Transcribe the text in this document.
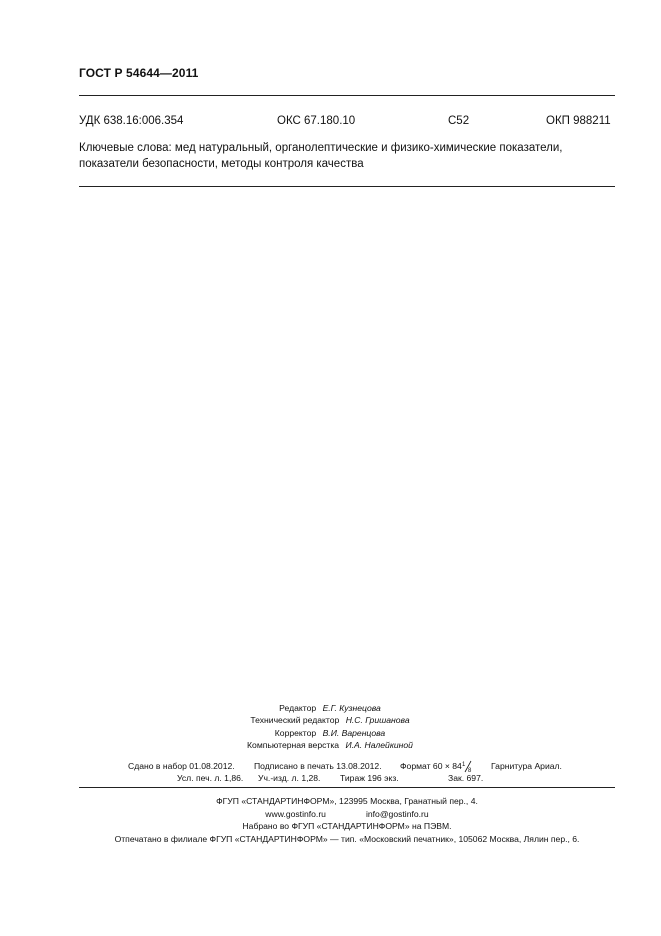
ГОСТ Р 54644—2011
УДК 638.16:006.354	ОКС 67.180.10	С52	ОКП 988211
Ключевые слова: мед натуральный, органолептические и физико-химические показатели, показатели безопасности, методы контроля качества
Редактор Е.Г. Кузнецова
Технический редактор Н.С. Гришанова
Корректор В.И. Варенцова
Компьютерная верстка И.А. Налейкиной
Сдано в набор 01.08.2012. Подписано в печать 13.08.2012. Формат 60 × 84 1
8 Гарнитура Ариал.
Усл. печ. л. 1,86. Уч.-изд. л. 1,28. Тираж 196 экз.	Зак. 697.
ФГУП «СТАНДАРТИНФОРМ», 123995 Москва, Гранатный пер., 4.
www.gostinfo.ru	info@gostinfo.ru
Набрано во ФГУП «СТАНДАРТИНФОРМ» на ПЭВМ.
Отпечатано в филиале ФГУП «СТАНДАРТИНФОРМ» — тип. «Московский печатник», 105062 Москва, Лялин пер., 6.
